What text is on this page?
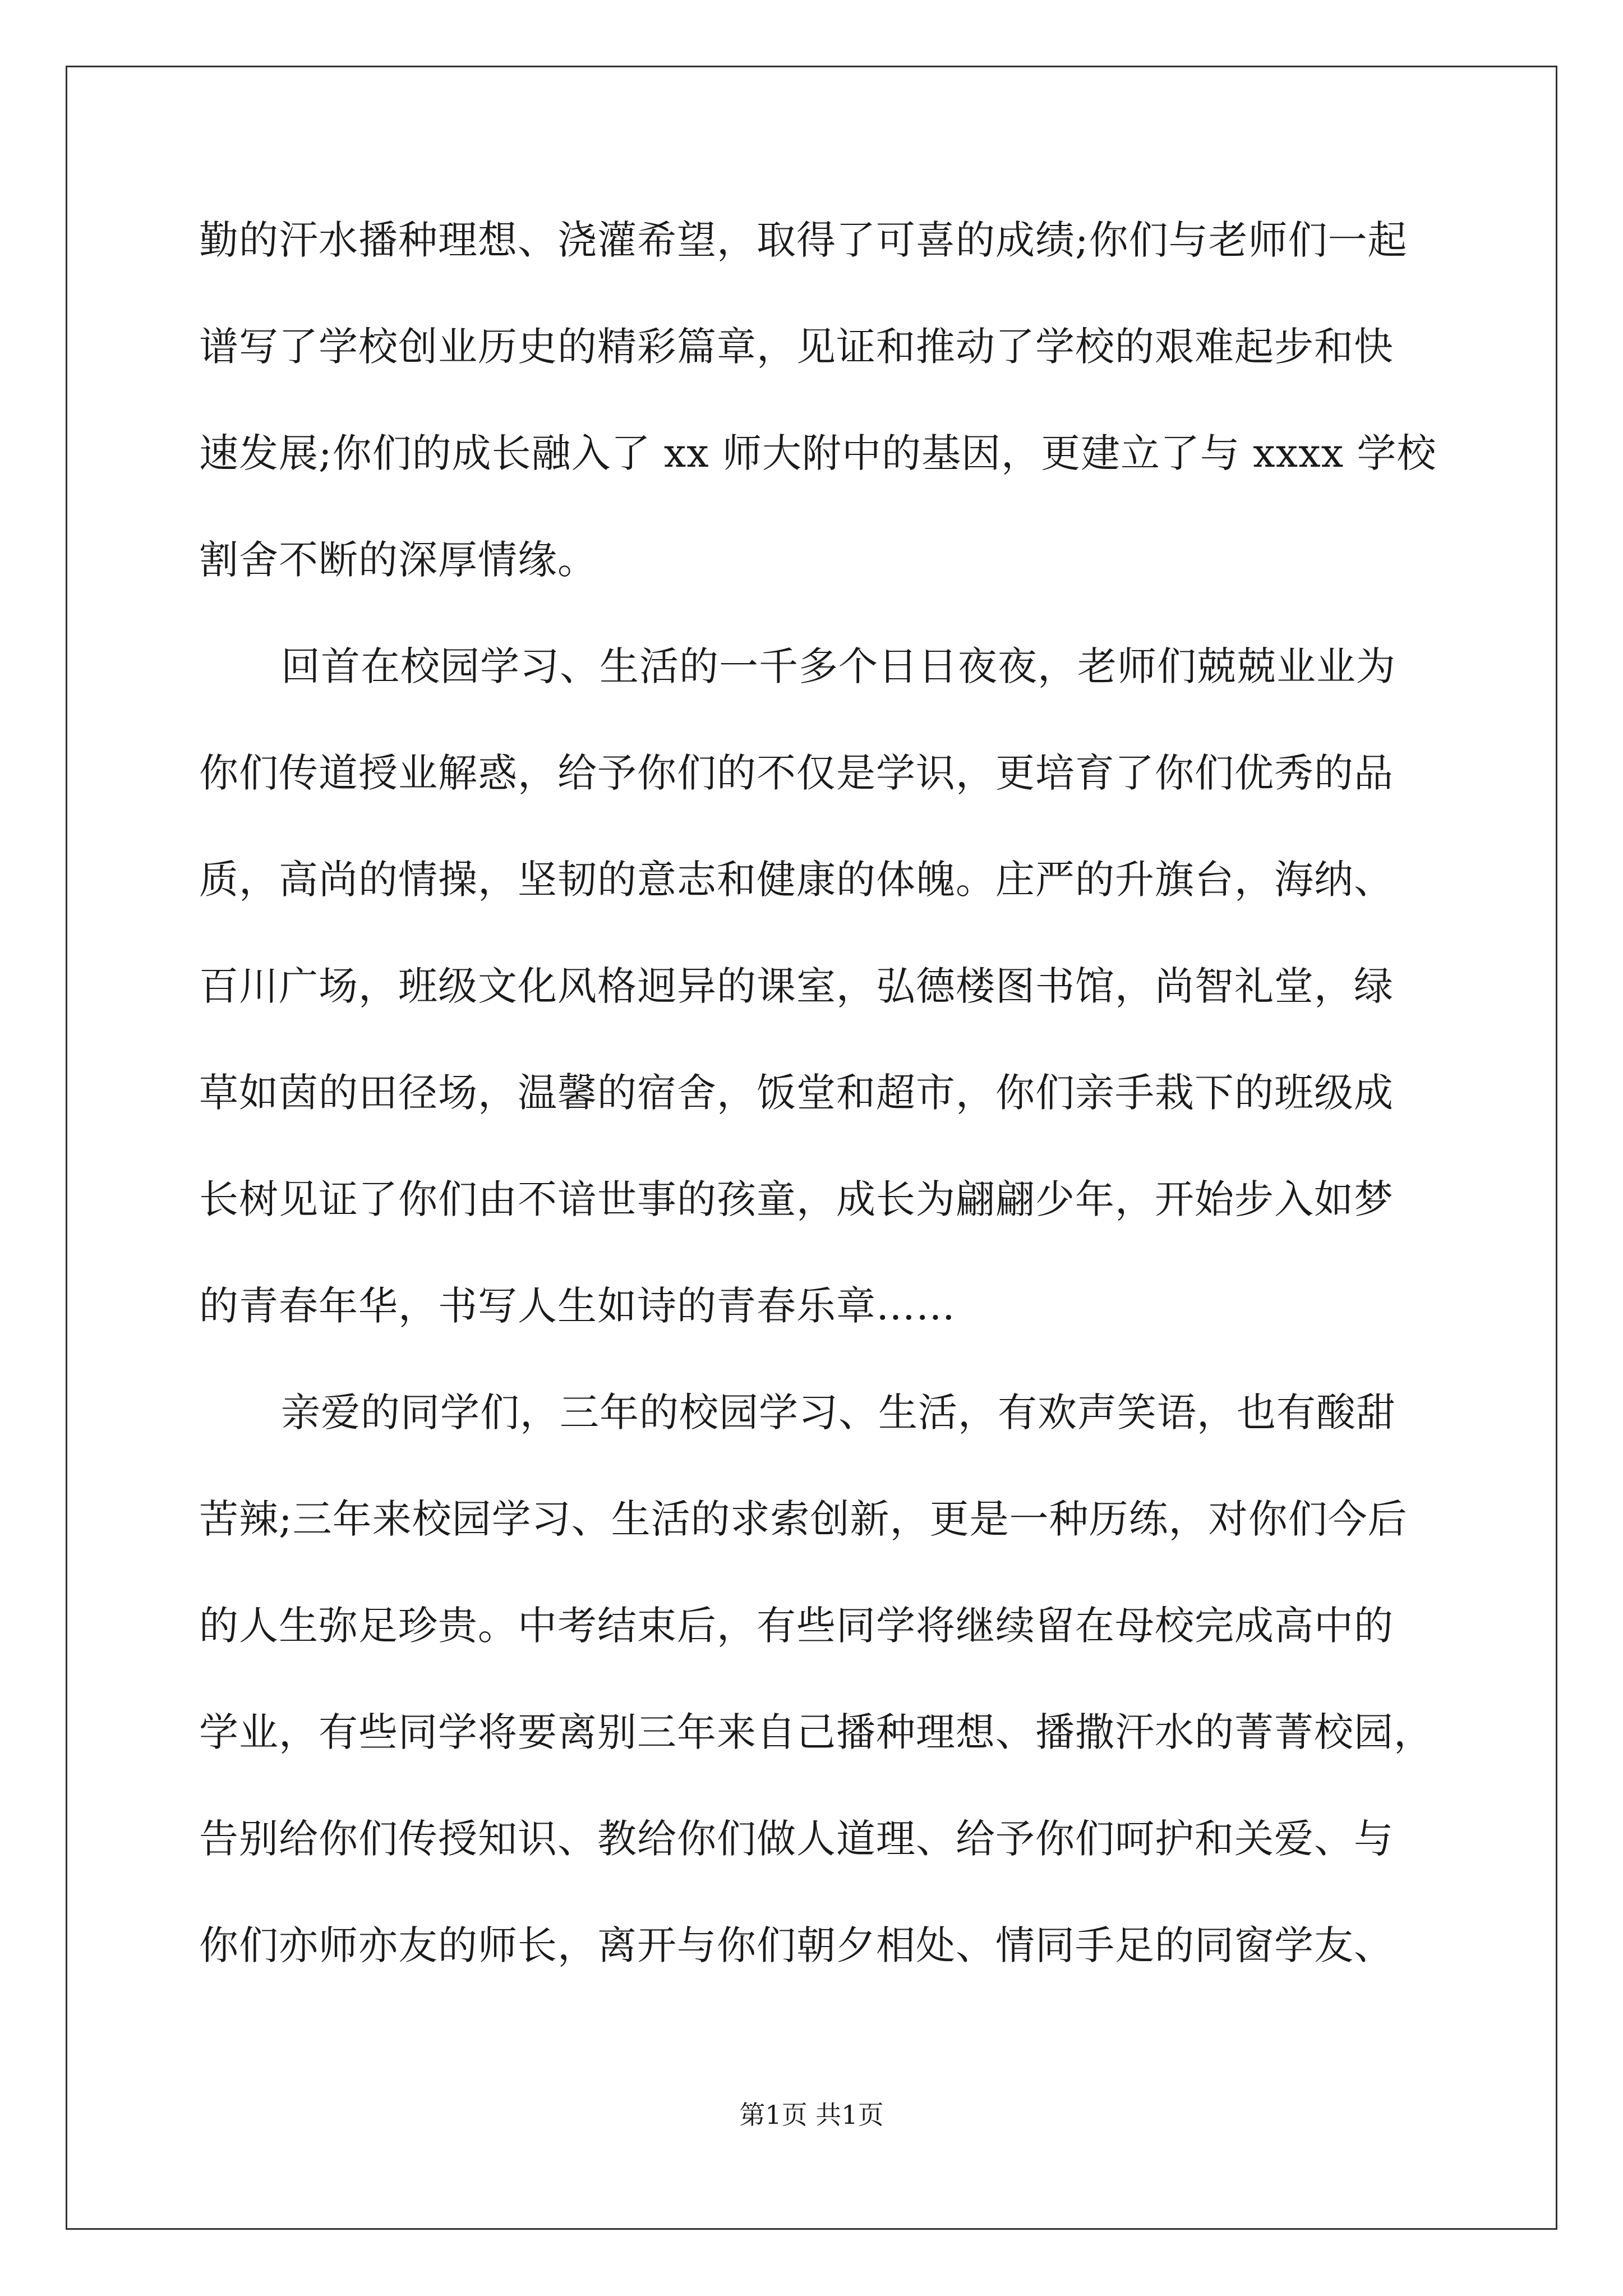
勤的汗水播种理想、浇灌希望，取得了可喜的成绩;你们与老师们一起
谱写了学校创业历史的精彩篇章，见证和推动了学校的艰难起步和快
速发展;你们的成长融入了 xx 师大附中的基因，更建立了与 xxxx 学校
割舍不断的深厚情缘。
回首在校园学习、生活的一千多个日日夜夜，老师们兢兢业业为
你们传道授业解惑，给予你们的不仅是学识，更培育了你们优秀的品
质，高尚的情操，坚韧的意志和健康的体魄。庄严的升旗台，海纳、
百川广场，班级文化风格迥异的课室，弘德楼图书馆，尚智礼堂，绿
草如茵的田径场，温馨的宿舍，饭堂和超市，你们亲手栽下的班级成
长树见证了你们由不谙世事的孩童，成长为翩翩少年，开始步入如梦
的青春年华，书写人生如诗的青春乐章……
亲爱的同学们，三年的校园学习、生活，有欢声笑语，也有酸甜
苦辣;三年来校园学习、生活的求索创新，更是一种历练，对你们今后
的人生弥足珍贵。中考结束后，有些同学将继续留在母校完成高中的
学业，有些同学将要离别三年来自己播种理想、播撒汗水的菁菁校园，
告别给你们传授知识、教给你们做人道理、给予你们呵护和关爱、与
你们亦师亦友的师长，离开与你们朝夕相处、情同手足的同窗学友、
第1页 共1页
